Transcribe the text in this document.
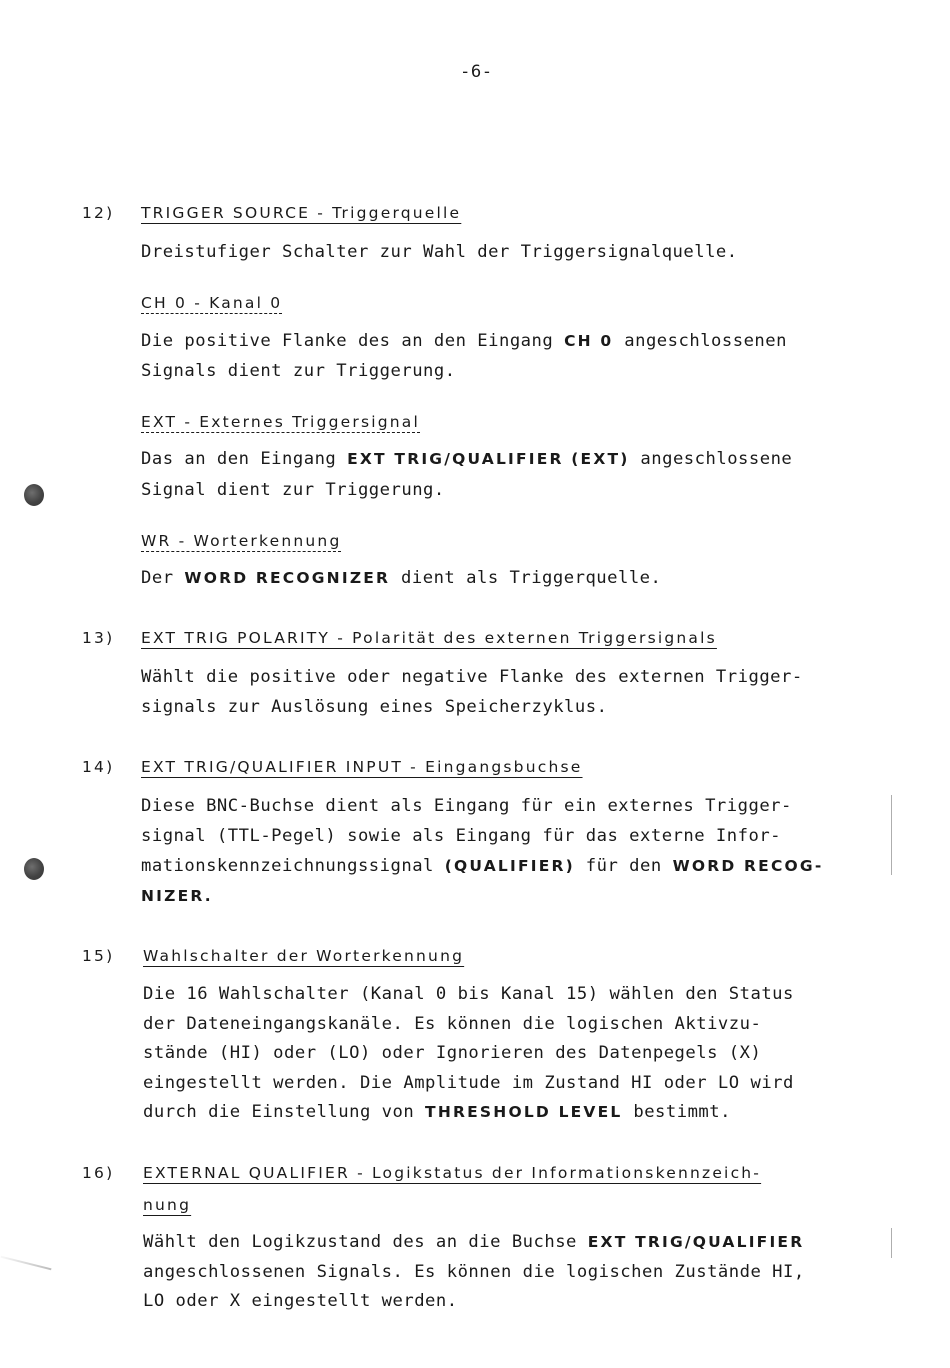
-6-
12) TRIGGER SOURCE - Triggerquelle
Dreistufiger Schalter zur Wahl der Triggersignalquelle.
CH 0 - Kanal 0
Die positive Flanke des an den Eingang CH 0 angeschlossenen
Signals dient zur Triggerung.
EXT - Externes Triggersignal
Das an den Eingang EXT TRIG/QUALIFIER (EXT) angeschlossene
Signal dient zur Triggerung.
WR - Worterkennung
Der WORD RECOGNIZER dient als Triggerquelle.
13) EXT TRIG POLARITY - Polarität des externen Triggersignals
Wählt die positive oder negative Flanke des externen Trigger-
signals zur Auslösung eines Speicherzyklus.
14) EXT TRIG/QUALIFIER INPUT - Eingangsbuchse
Diese BNC-Buchse dient als Eingang für ein externes Trigger-
signal (TTL-Pegel) sowie als Eingang für das externe Infor-
mationskennzeichnungssignal (QUALIFIER) für den WORD RECOG-
NIZER.
15) Wahlschalter der Worterkennung
Die 16 Wahlschalter (Kanal 0 bis Kanal 15) wählen den Status
der Dateneingangskanäle. Es können die logischen Aktivzu-
stände (HI) oder (LO) oder Ignorieren des Datenpegels (X)
eingestellt werden. Die Amplitude im Zustand HI oder LO wird
durch die Einstellung von THRESHOLD LEVEL bestimmt.
16) EXTERNAL QUALIFIER - Logikstatus der Informationskennzeich-
nung
Wählt den Logikzustand des an die Buchse EXT TRIG/QUALIFIER
angeschlossenen Signals. Es können die logischen Zustände HI,
LO oder X eingestellt werden.
